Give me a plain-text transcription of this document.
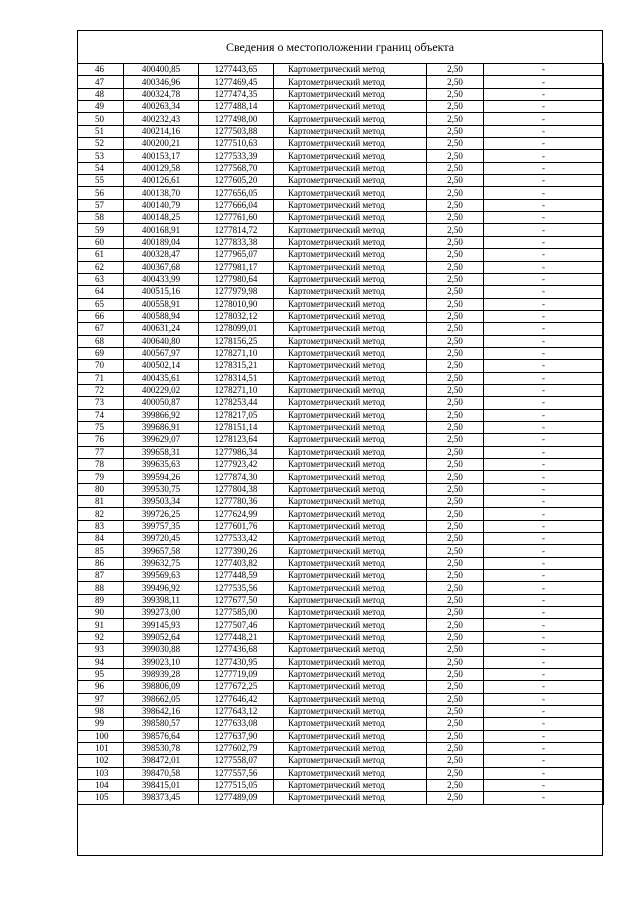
Сведения о местоположении границ объекта
46	400400,85	1277443,65	Картометрический метод	2,50	-
47	400346,96	1277469,45	Картометрический метод	2,50	-
48	400324,78	1277474,35	Картометрический метод	2,50	-
49	400263,34	1277488,14	Картометрический метод	2,50	-
50	400232,43	1277498,00	Картометрический метод	2,50	-
51	400214,16	1277503,88	Картометрический метод	2,50	-
52	400200,21	1277510,63	Картометрический метод	2,50	-
53	400153,17	1277533,39	Картометрический метод	2,50	-
54	400129,58	1277568,70	Картометрический метод	2,50	-
55	400126,61	1277605,20	Картометрический метод	2,50	-
56	400138,70	1277656,05	Картометрический метод	2,50	-
57	400140,79	1277666,04	Картометрический метод	2,50	-
58	400148,25	1277761,60	Картометрический метод	2,50	-
59	400168,91	1277814,72	Картометрический метод	2,50	-
60	400189,04	1277833,38	Картометрический метод	2,50	-
61	400328,47	1277965,07	Картометрический метод	2,50	-
62	400367,68	1277981,17	Картометрический метод	2,50	-
63	400433,99	1277980,64	Картометрический метод	2,50	-
64	400515,16	1277979,98	Картометрический метод	2,50	-
65	400558,91	1278010,90	Картометрический метод	2,50	-
66	400588,94	1278032,12	Картометрический метод	2,50	-
67	400631,24	1278099,01	Картометрический метод	2,50	-
68	400640,80	1278156,25	Картометрический метод	2,50	-
69	400567,97	1278271,10	Картометрический метод	2,50	-
70	400502,14	1278315,21	Картометрический метод	2,50	-
71	400435,61	1278314,51	Картометрический метод	2,50	-
72	400229,02	1278271,10	Картометрический метод	2,50	-
73	400050,87	1278253,44	Картометрический метод	2,50	-
74	399866,92	1278217,05	Картометрический метод	2,50	-
75	399686,91	1278151,14	Картометрический метод	2,50	-
76	399629,07	1278123,64	Картометрический метод	2,50	-
77	399658,31	1277986,34	Картометрический метод	2,50	-
78	399635,63	1277923,42	Картометрический метод	2,50	-
79	399594,26	1277874,30	Картометрический метод	2,50	-
80	399530,75	1277804,38	Картометрический метод	2,50	-
81	399503,34	1277780,36	Картометрический метод	2,50	-
82	399726,25	1277624,99	Картометрический метод	2,50	-
83	399757,35	1277601,76	Картометрический метод	2,50	-
84	399720,45	1277533,42	Картометрический метод	2,50	-
85	399657,58	1277390,26	Картометрический метод	2,50	-
86	399632,75	1277403,82	Картометрический метод	2,50	-
87	399569,63	1277448,59	Картометрический метод	2,50	-
88	399496,92	1277535,56	Картометрический метод	2,50	-
89	399398,11	1277677,50	Картометрический метод	2,50	-
90	399273,00	1277585,00	Картометрический метод	2,50	-
91	399145,93	1277507,46	Картометрический метод	2,50	-
92	399052,64	1277448,21	Картометрический метод	2,50	-
93	399030,88	1277436,68	Картометрический метод	2,50	-
94	399023,10	1277430,95	Картометрический метод	2,50	-
95	398939,28	1277719,09	Картометрический метод	2,50	-
96	398806,09	1277672,25	Картометрический метод	2,50	-
97	398662,05	1277646,42	Картометрический метод	2,50	-
98	398642,16	1277643,12	Картометрический метод	2,50	-
99	398580,57	1277633,08	Картометрический метод	2,50	-
100	398576,64	1277637,90	Картометрический метод	2,50	-
101	398530,78	1277602,79	Картометрический метод	2,50	-
102	398472,01	1277558,07	Картометрический метод	2,50	-
103	398470,58	1277557,56	Картометрический метод	2,50	-
104	398415,01	1277515,05	Картометрический метод	2,50	-
105	398373,45	1277489,09	Картометрический метод	2,50	-
